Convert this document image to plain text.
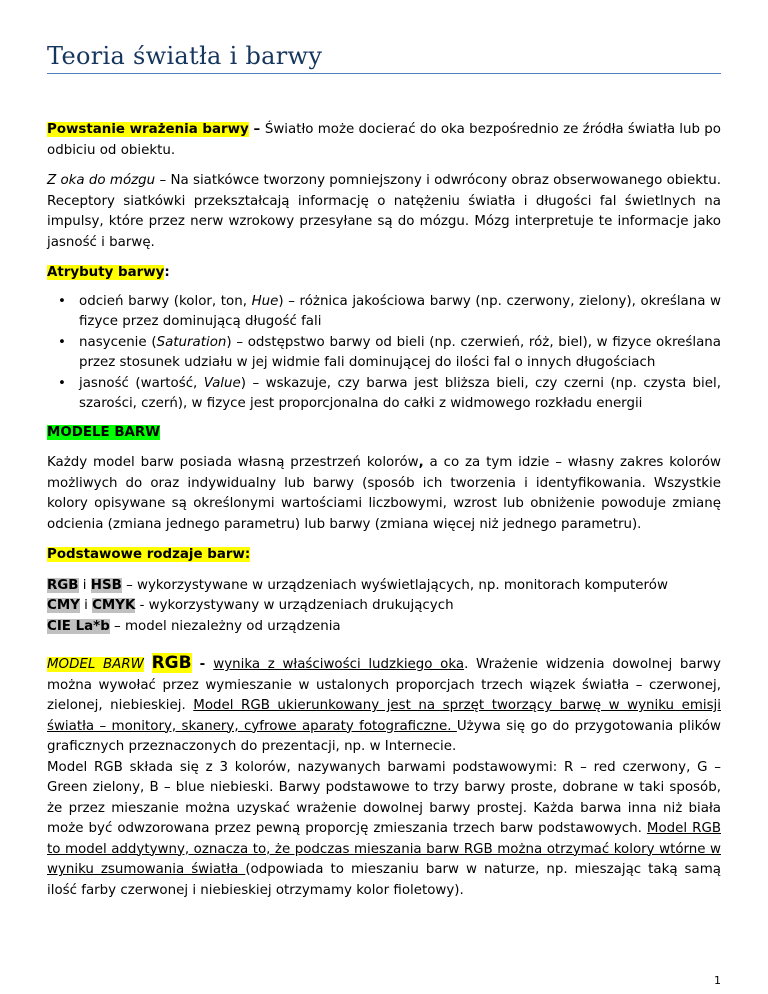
Teoria światła i barwy

Powstanie wrażenia barwy – Światło może docierać do oka bezpośrednio ze źródła światła lub po odbiciu od obiektu.

Z oka do mózgu – Na siatkówce tworzony pomniejszony i odwrócony obraz obserwowanego obiektu. Receptory siatkówki przekształcają informację o natężeniu światła i długości fal świetlnych na impulsy, które przez nerw wzrokowy przesyłane są do mózgu. Mózg interpretuje te informacje jako jasność i barwę.

Atrybuty barwy:

• odcień barwy (kolor, ton, Hue) – różnica jakościowa barwy (np. czerwony, zielony), określana w fizyce przez dominującą długość fali
• nasycenie (Saturation) – odstępstwo barwy od bieli (np. czerwień, róż, biel), w fizyce określana przez stosunek udziału w jej widmie fali dominującej do ilości fal o innych długościach
• jasność (wartość, Value) – wskazuje, czy barwa jest bliższa bieli, czy czerni (np. czysta biel, szarości, czerń), w fizyce jest proporcjonalna do całki z widmowego rozkładu energii

MODELE BARW

Każdy model barw posiada własną przestrzeń kolorów, a co za tym idzie – własny zakres kolorów możliwych do oraz indywidualny lub barwy (sposób ich tworzenia i identyfikowania. Wszystkie kolory opisywane są określonymi wartościami liczbowymi, wzrost lub obniżenie powoduje zmianę odcienia (zmiana jednego parametru) lub barwy (zmiana więcej niż jednego parametru).

Podstawowe rodzaje barw:

RGB i HSB – wykorzystywane w urządzeniach wyświetlających, np. monitorach komputerów

CMY i CMYK - wykorzystywany w urządzeniach drukujących

CIE La*b – model niezależny od urządzenia

MODEL BARW RGB - wynika z właściwości ludzkiego oka. Wrażenie widzenia dowolnej barwy można wywołać przez wymieszanie w ustalonych proporcjach trzech wiązek światła – czerwonej, zielonej, niebieskiej. Model RGB ukierunkowany jest na sprzęt tworzący barwę w wyniku emisji światła – monitory, skanery, cyfrowe aparaty fotograficzne. Używa się go do przygotowania plików graficznych przeznaczonych do prezentacji, np. w Internecie.

Model RGB składa się z 3 kolorów, nazywanych barwami podstawowymi: R – red czerwony, G – Green zielony, B – blue niebieski. Barwy podstawowe to trzy barwy proste, dobrane w taki sposób, że przez mieszanie można uzyskać wrażenie dowolnej barwy prostej. Każda barwa inna niż biała może być odwzorowana przez pewną proporcję zmieszania trzech barw podstawowych. Model RGB to model addytywny, oznacza to, że podczas mieszania barw RGB można otrzymać kolory wtórne w wyniku zsumowania światła (odpowiada to mieszaniu barw w naturze, np. mieszając taką samą ilość farby czerwonej i niebieskiej otrzymamy kolor fioletowy).

1
